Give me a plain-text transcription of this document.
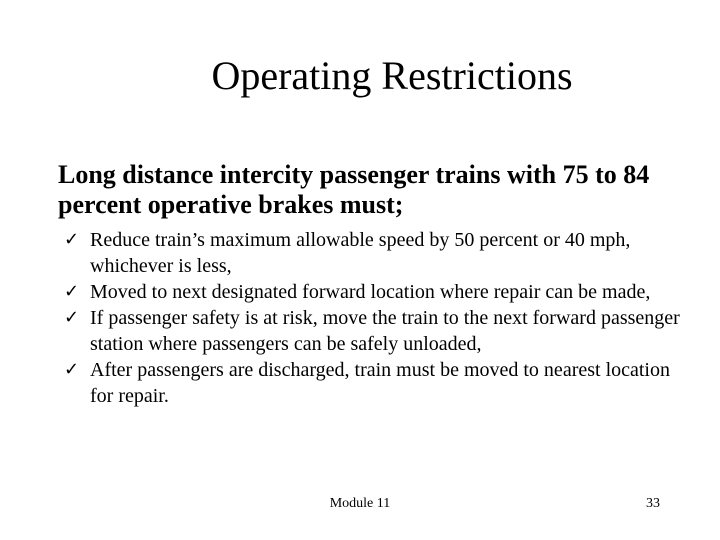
Operating Restrictions
Long distance intercity passenger trains with 75 to 84 percent operative brakes must;
✓ Reduce train’s maximum allowable speed by 50 percent or 40 mph, whichever is less,
✓ Moved to next designated forward location where repair can be made,
✓ If passenger safety is at risk, move the train to the next forward passenger station where passengers can be safely unloaded,
✓ After passengers are discharged, train must be moved to nearest location for repair.
Module 11	33
